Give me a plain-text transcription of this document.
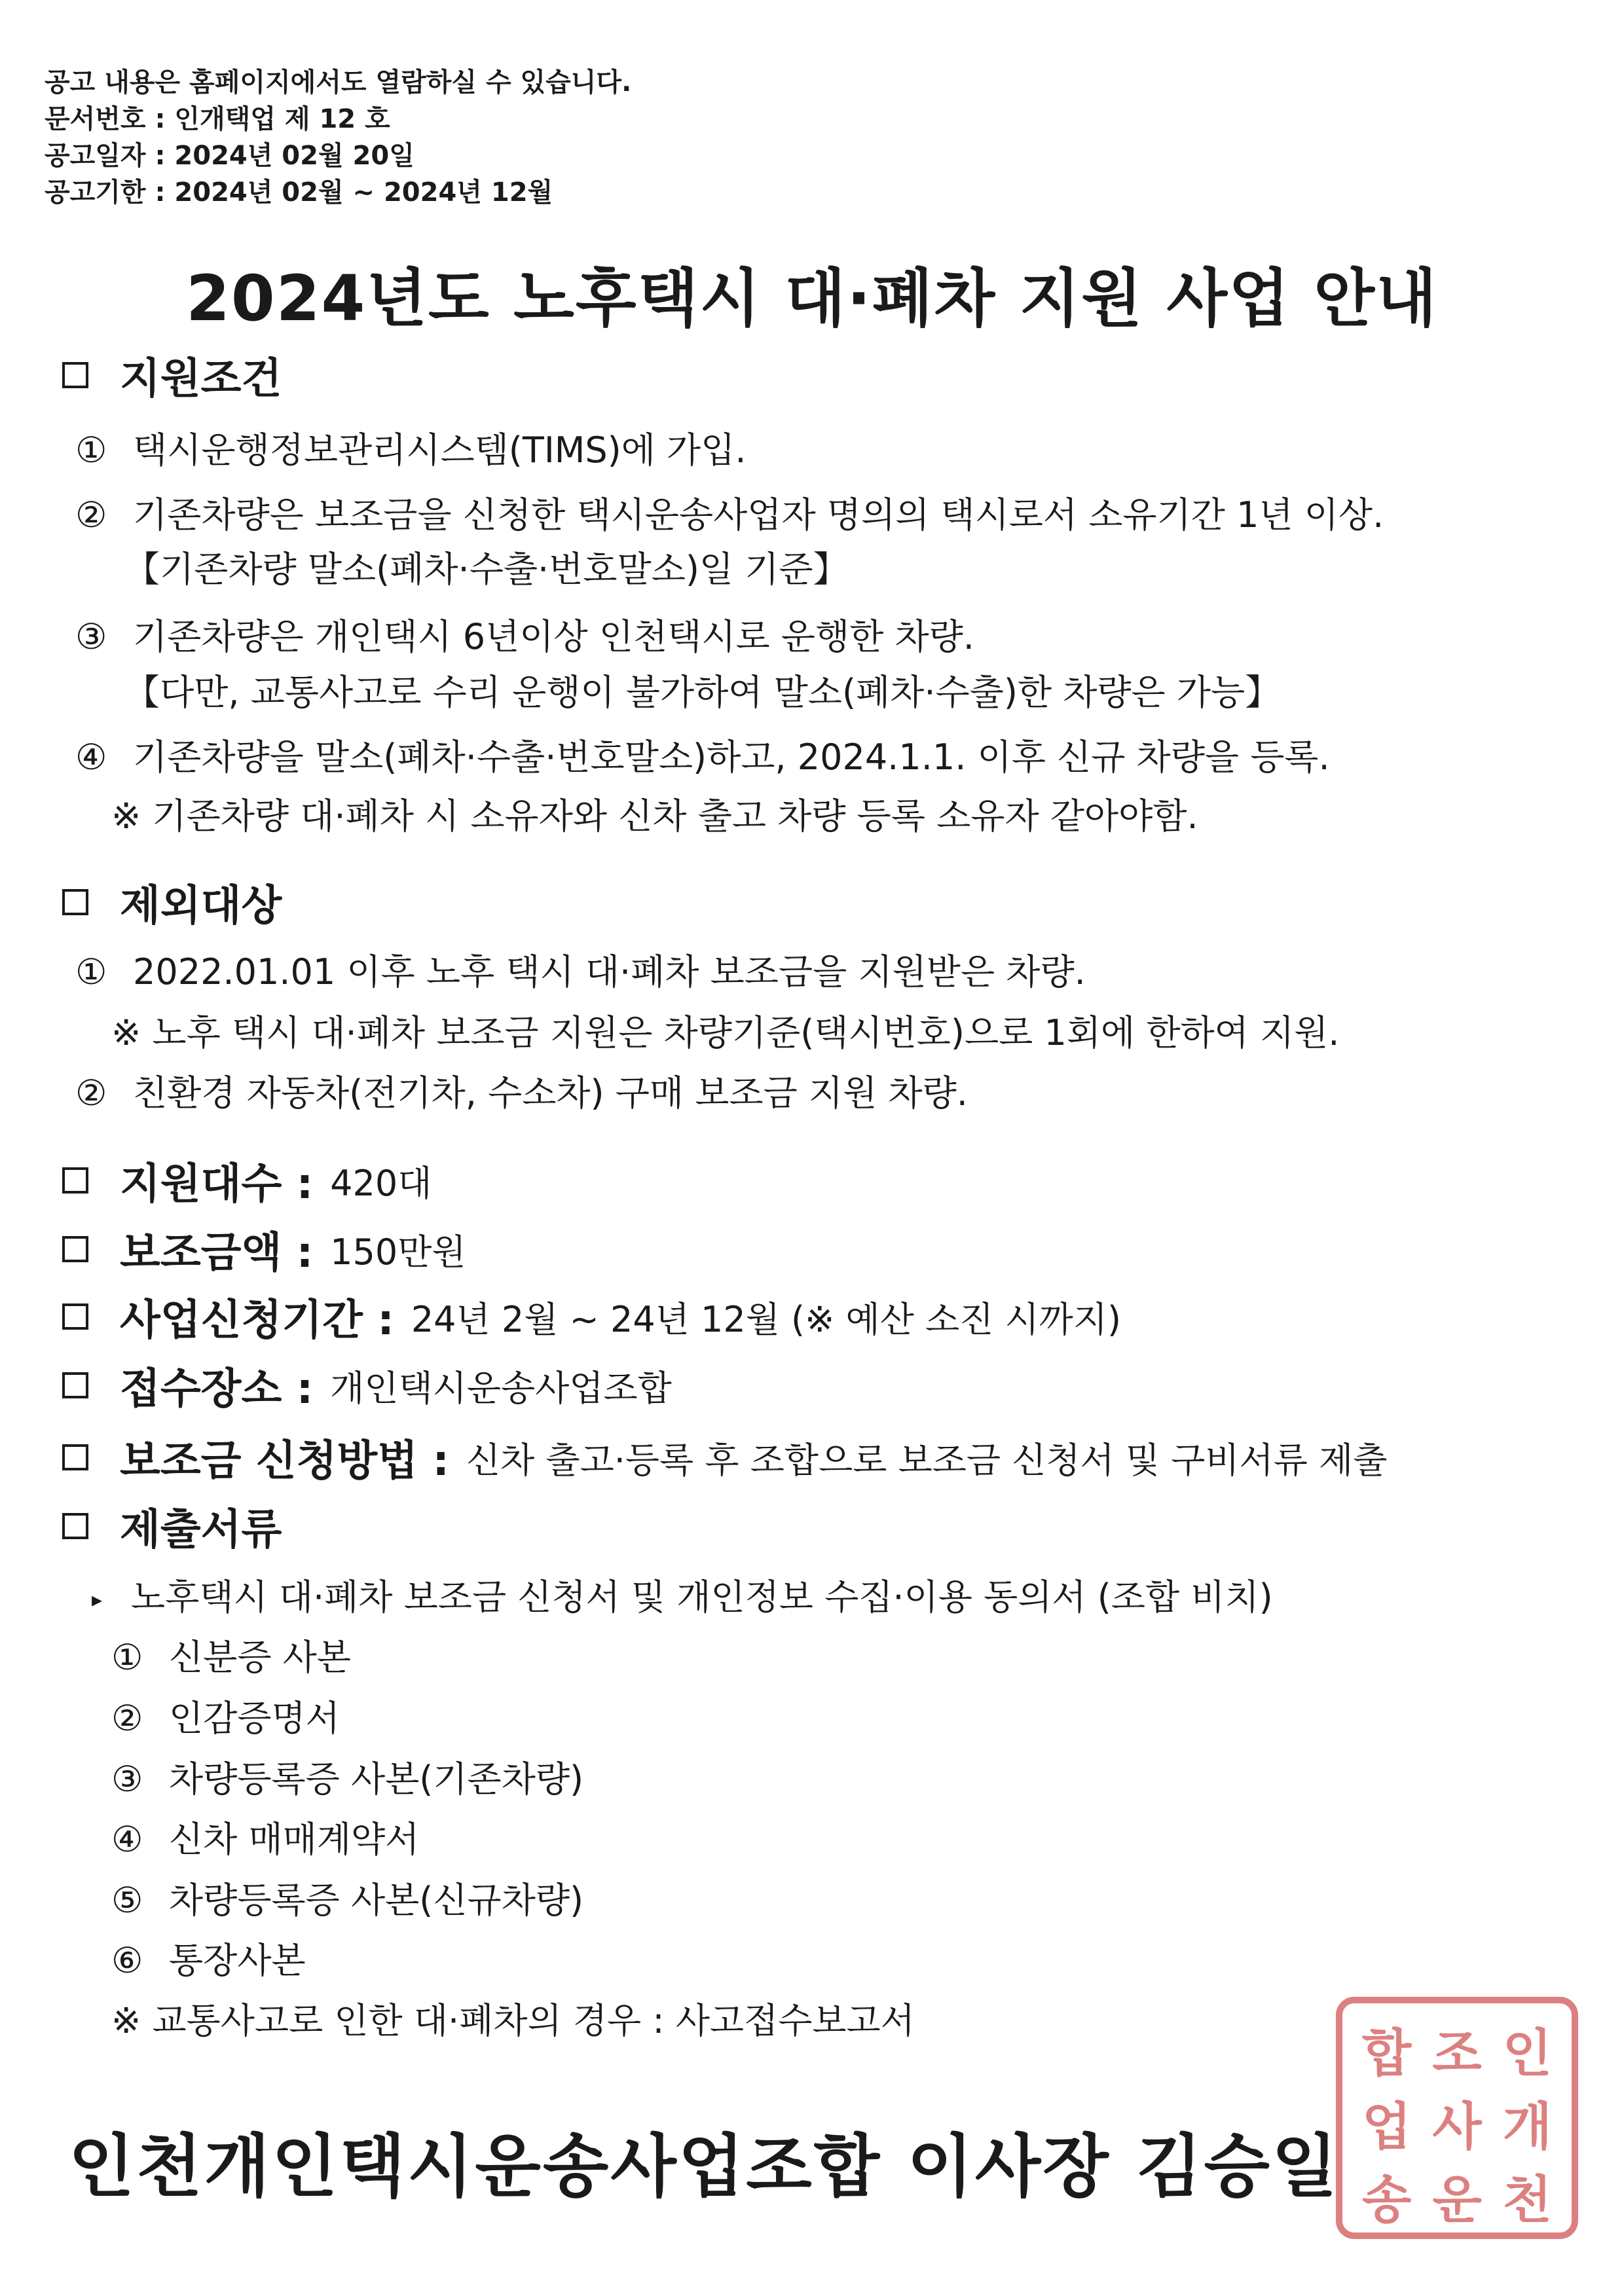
공고 내용은 홈페이지에서도 열람하실 수 있습니다.
문서번호 : 인개택업 제 12 호
공고일자 : 2024년 02월 20일
공고기한 : 2024년 02월 ~ 2024년 12월
2024년도 노후택시 대·폐차 지원 사업 안내
지원조건
① 택시운행정보관리시스템(TIMS)에 가입.
② 기존차량은 보조금을 신청한 택시운송사업자 명의의 택시로서 소유기간 1년 이상.
【기존차량 말소(폐차·수출·번호말소)일 기준】
③ 기존차량은 개인택시 6년이상 인천택시로 운행한 차량.
【다만, 교통사고로 수리 운행이 불가하여 말소(폐차·수출)한 차량은 가능】
④ 기존차량을 말소(폐차·수출·번호말소)하고, 2024.1.1. 이후 신규 차량을 등록.
※ 기존차량 대·폐차 시 소유자와 신차 출고 차량 등록 소유자 같아야함.
제외대상
① 2022.01.01 이후 노후 택시 대·폐차 보조금을 지원받은 차량.
※ 노후 택시 대·폐차 보조금 지원은 차량기준(택시번호)으로 1회에 한하여 지원.
② 친환경 자동차(전기차, 수소차) 구매 보조금 지원 차량.
지원대수 : 420대
보조금액 : 150만원
사업신청기간 : 24년 2월 ~ 24년 12월 (※ 예산 소진 시까지)
접수장소 : 개인택시운송사업조합
보조금 신청방법 : 신차 출고·등록 후 조합으로 보조금 신청서 및 구비서류 제출
제출서류
▸ 노후택시 대·폐차 보조금 신청서 및 개인정보 수집·이용 동의서 (조합 비치)
① 신분증 사본
② 인감증명서
③ 차량등록증 사본(기존차량)
④ 신차 매매계약서
⑤ 차량등록증 사본(신규차량)
⑥ 통장사본
※ 교통사고로 인한 대·폐차의 경우 : 사고접수보고서
인천개인택시운송사업조합 이사장 김승일
합 조 인
업 사 개
송 운 천
